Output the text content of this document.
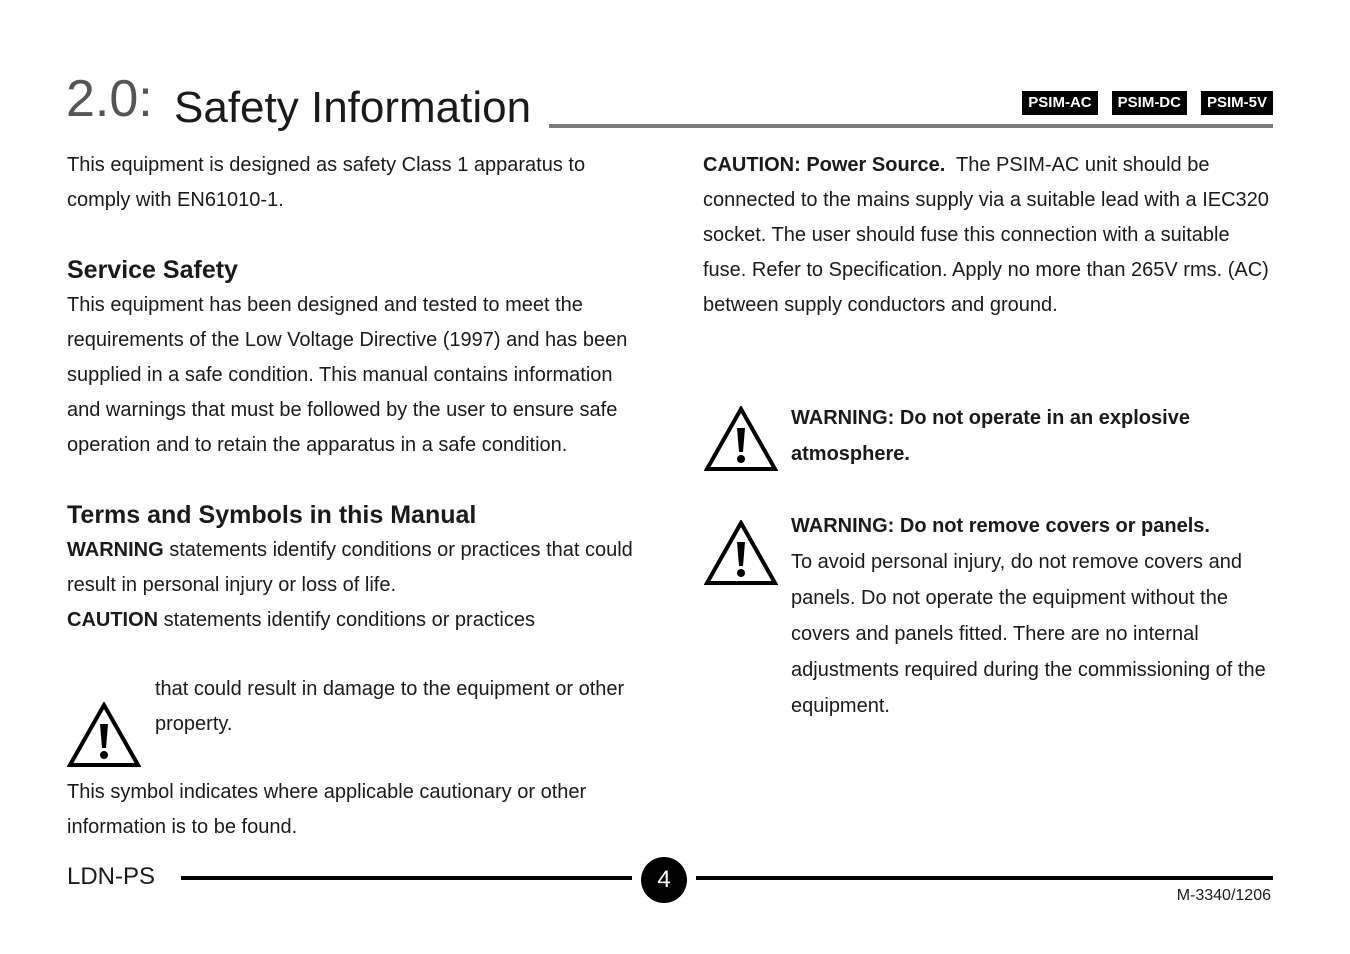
2.0: Safety Information	PSIM-AC	PSIM-DC	PSIM-5V

This equipment is designed as safety Class 1 apparatus to comply with EN61010-1.

Service Safety

This equipment has been designed and tested to meet the requirements of the Low Voltage Directive (1997) and has been supplied in a safe condition. This manual contains information and warnings that must be followed by the user to ensure safe operation and to retain the apparatus in a safe condition.

Terms and Symbols in this Manual

WARNING statements identify conditions or practices that could result in personal injury or loss of life.

CAUTION statements identify conditions or practices

that could result in damage to the equipment or other property.
This symbol indicates where applicable cautionary or other information is to be found.

CAUTION: Power Source.  The PSIM-AC unit should be connected to the mains supply via a suitable lead with a IEC320 socket. The user should fuse this connection with a suitable fuse. Refer to Specification. Apply no more than 265V rms. (AC) between supply conductors and ground.

WARNING: Do not operate in an explosive atmosphere.
WARNING: Do not remove covers or panels.
To avoid personal injury, do not remove covers and panels. Do not operate the equipment without the covers and panels fitted. There are no internal adjustments required during the commissioning of the equipment.
LDN-PS	4
M-3340/1206
